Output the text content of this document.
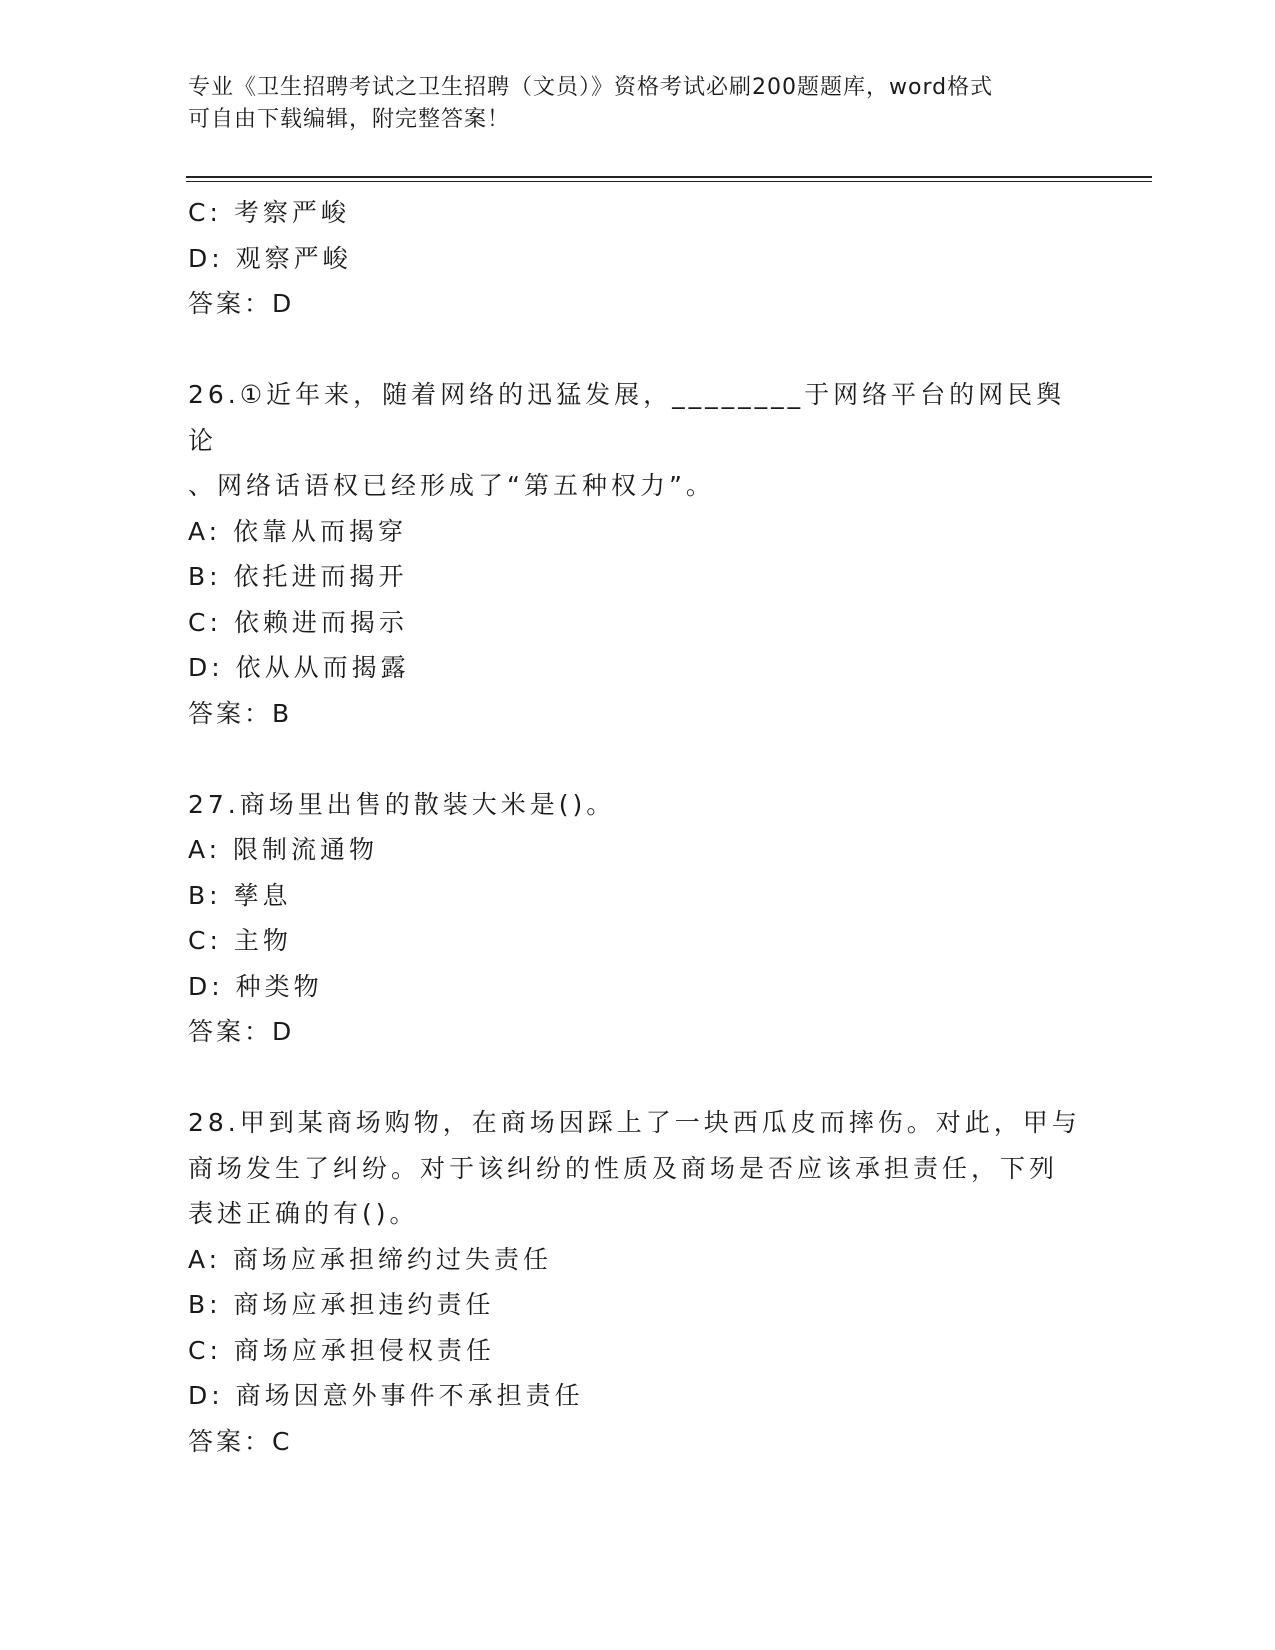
专业《卫生招聘考试之卫生招聘（文员）》资格考试必刷200题题库，word格式
可自由下载编辑，附完整答案！
C: 考察严峻
D: 观察严峻
答案：D
26.①近年来，随着网络的迅猛发展，________于网络平台的网民舆论
、网络话语权已经形成了“第五种权力”。
A: 依靠从而揭穿
B: 依托进而揭开
C: 依赖进而揭示
D: 依从从而揭露
答案：B
27.商场里出售的散装大米是()。
A: 限制流通物
B: 孳息
C: 主物
D: 种类物
答案：D
28.甲到某商场购物，在商场因踩上了一块西瓜皮而摔伤。对此，甲与
商场发生了纠纷。对于该纠纷的性质及商场是否应该承担责任，下列
表述正确的有()。
A: 商场应承担缔约过失责任
B: 商场应承担违约责任
C: 商场应承担侵权责任
D: 商场因意外事件不承担责任
答案：C
